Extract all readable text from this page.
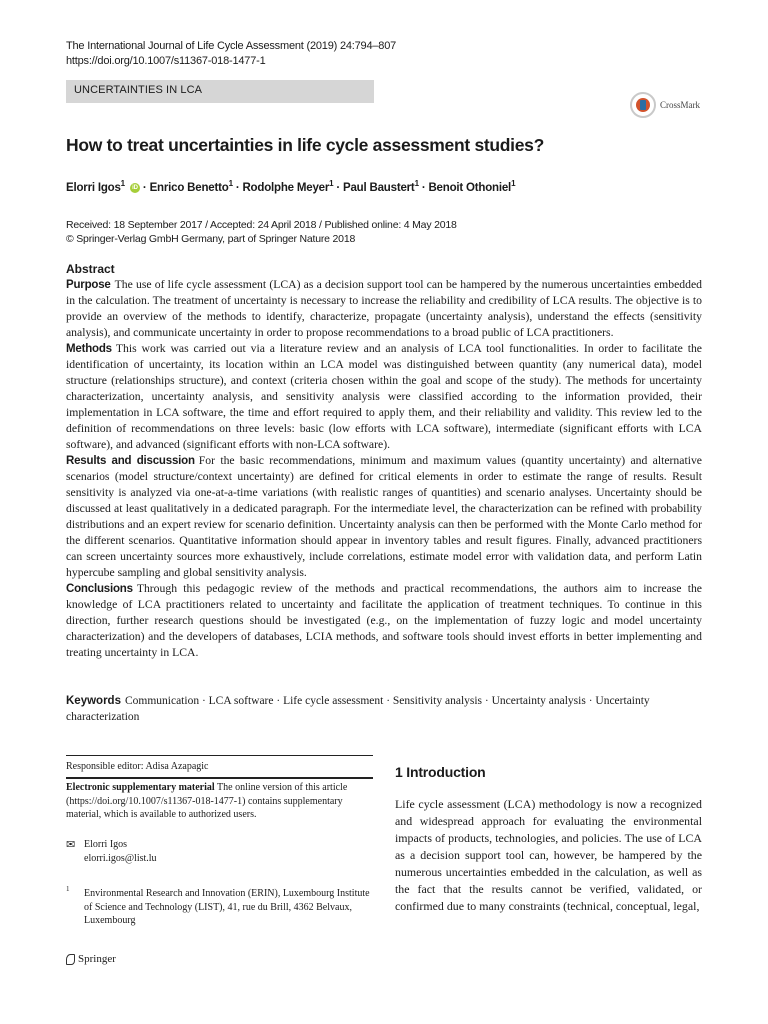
The International Journal of Life Cycle Assessment (2019) 24:794–807
https://doi.org/10.1007/s11367-018-1477-1
UNCERTAINTIES IN LCA
CrossMark
How to treat uncertainties in life cycle assessment studies?
Elorri Igos$^1$ iD · Enrico Benetto$^1$ · Rodolphe Meyer$^1$ · Paul Baustert$^1$ · Benoit Othoniel$^1$
Received: 18 September 2017 / Accepted: 24 April 2018 / Published online: 4 May 2018
© Springer-Verlag GmbH Germany, part of Springer Nature 2018
Abstract

Purpose The use of life cycle assessment (LCA) as a decision support tool can be hampered by the numerous uncertainties embedded in the calculation. The treatment of uncertainty is necessary to increase the reliability and credibility of LCA results. The objective is to provide an overview of the methods to identify, characterize, propagate (uncertainty analysis), understand the effects (sensitivity analysis), and communicate uncertainty in order to propose recommendations to a broad public of LCA practitioners.

Methods This work was carried out via a literature review and an analysis of LCA tool functionalities. In order to facilitate the identification of uncertainty, its location within an LCA model was distinguished between quantity (any numerical data), model structure (relationships structure), and context (criteria chosen within the goal and scope of the study). The methods for uncertainty characterization, uncertainty analysis, and sensitivity analysis were classified according to the information provided, their implementation in LCA software, the time and effort required to apply them, and their reliability and validity. This review led to the definition of recommendations on three levels: basic (low efforts with LCA software), intermediate (significant efforts with LCA software), and advanced (significant efforts with non-LCA software).

Results and discussion For the basic recommendations, minimum and maximum values (quantity uncertainty) and alternative scenarios (model structure/context uncertainty) are defined for critical elements in order to estimate the range of results. Result sensitivity is analyzed via one-at-a-time variations (with realistic ranges of quantities) and scenario analyses. Uncertainty should be discussed at least qualitatively in a dedicated paragraph. For the intermediate level, the characterization can be refined with probability distributions and an expert review for scenario definition. Uncertainty analysis can then be performed with the Monte Carlo method for the different scenarios. Quantitative information should appear in inventory tables and result figures. Finally, advanced practitioners can screen uncertainty sources more exhaustively, include correlations, estimate model error with validation data, and perform Latin hypercube sampling and global sensitivity analysis.

Conclusions Through this pedagogic review of the methods and practical recommendations, the authors aim to increase the knowledge of LCA practitioners related to uncertainty and facilitate the application of treatment techniques. To continue in this direction, further research questions should be investigated (e.g., on the implementation of fuzzy logic and model uncertainty characterization) and the developers of databases, LCIA methods, and software tools should invest efforts in better implementing and treating uncertainty in LCA.

Keywords Communication · LCA software · Life cycle assessment · Sensitivity analysis · Uncertainty analysis · Uncertainty characterization
Responsible editor: Adisa Azapagic
Electronic supplementary material The online version of this article (https://doi.org/10.1007/s11367-018-1477-1) contains supplementary material, which is available to authorized users.
✉ Elorri Igos
elorri.igos@list.lu
1 Environmental Research and Innovation (ERIN), Luxembourg Institute of Science and Technology (LIST), 41, rue du Brill, 4362 Belvaux, Luxembourg
Springer
1 Introduction
Life cycle assessment (LCA) methodology is now a recognized and widespread approach for evaluating the environmental impacts of products, technologies, and policies. The use of LCA as a decision support tool can, however, be hampered by the numerous uncertainties embedded in the calculation, as well as the fact that the results cannot be verified, validated, or confirmed due to many constraints (technical, conceptual, legal,
